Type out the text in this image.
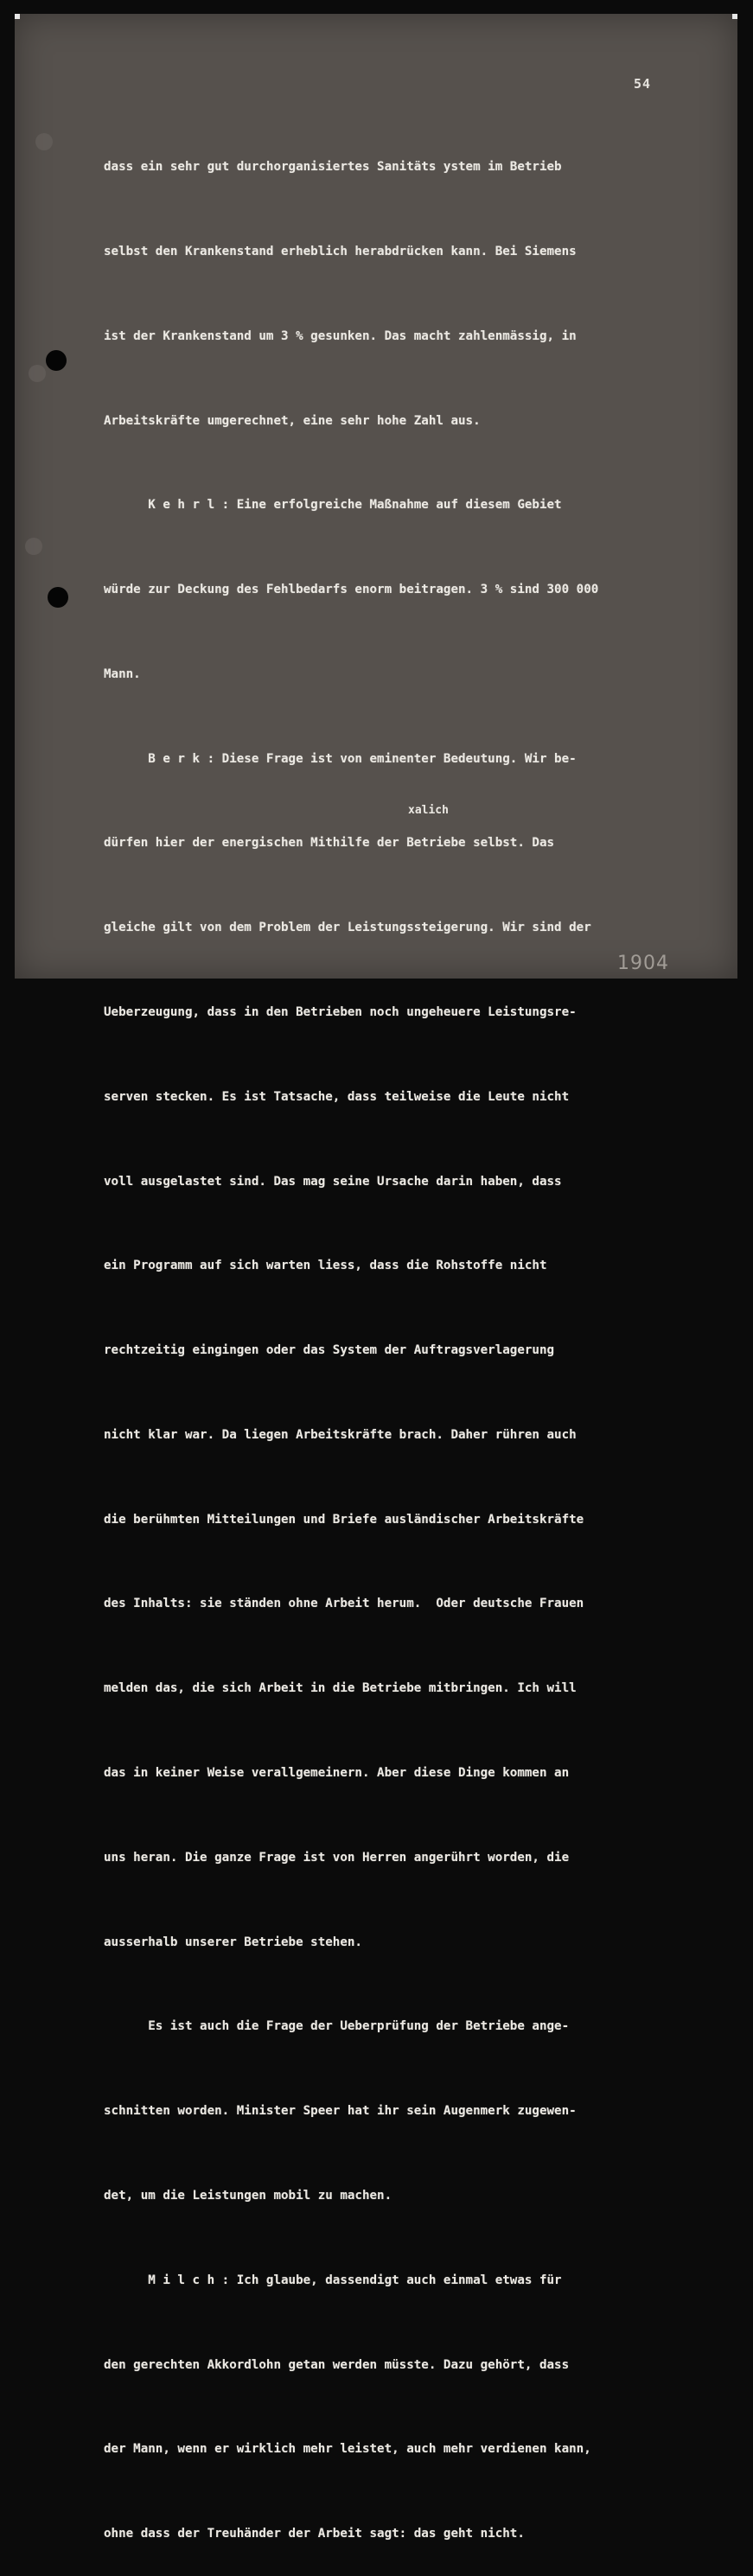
54

dass ein sehr gut durchorganisiertes Sanitäts ystem im Betrieb

selbst den Krankenstand erheblich herabdrücken kann. Bei Siemens

ist der Krankenstand um 3 % gesunken. Das macht zahlenmässig, in

Arbeitskräfte umgerechnet, eine sehr hohe Zahl aus.

K e h r l : Eine erfolgreiche Maßnahme auf diesem Gebiet

würde zur Deckung des Fehlbedarfs enorm beitragen. 3 % sind 300 000

Mann.

B e r k : Diese Frage ist von eminenter Bedeutung. Wir be-

dürfen hier der energischen Mithilfe der Betriebe selbst. Das

gleiche gilt von dem Problem der Leistungssteigerung. Wir sind der

Ueberzeugung, dass in den Betrieben noch ungeheuere Leistungsre-

serven stecken. Es ist Tatsache, dass teilweise die Leute nicht

voll ausgelastet sind. Das mag seine Ursache darin haben, dass

ein Programm auf sich warten liess, dass die Rohstoffe nicht

rechtzeitig eingingen oder das System der Auftragsverlagerung

nicht klar war. Da liegen Arbeitskräfte brach. Daher rühren auch

die berühmten Mitteilungen und Briefe ausländischer Arbeitskräfte

des Inhalts: sie ständen ohne Arbeit herum.  Oder deutsche Frauen

melden das, die sich Arbeit in die Betriebe mitbringen. Ich will

das in keiner Weise verallgemeinern. Aber diese Dinge kommen an

uns heran. Die ganze Frage ist von Herren angerührt worden, die

ausserhalb unserer Betriebe stehen.

Es ist auch die Frage der Ueberprüfung der Betriebe ange-

schnitten worden. Minister Speer hat ihr sein Augenmerk zugewen-

det, um die Leistungen mobil zu machen.

M i l c h : Ich glaube, dassendigt auch einmal etwas für

den gerechten Akkordlohn getan werden müsste. Dazu gehört, dass

der Mann, wenn er wirklich mehr leistet, auch mehr verdienen kann,

ohne dass der Treuhänder der Arbeit sagt: das geht nicht.

xalich
1904
